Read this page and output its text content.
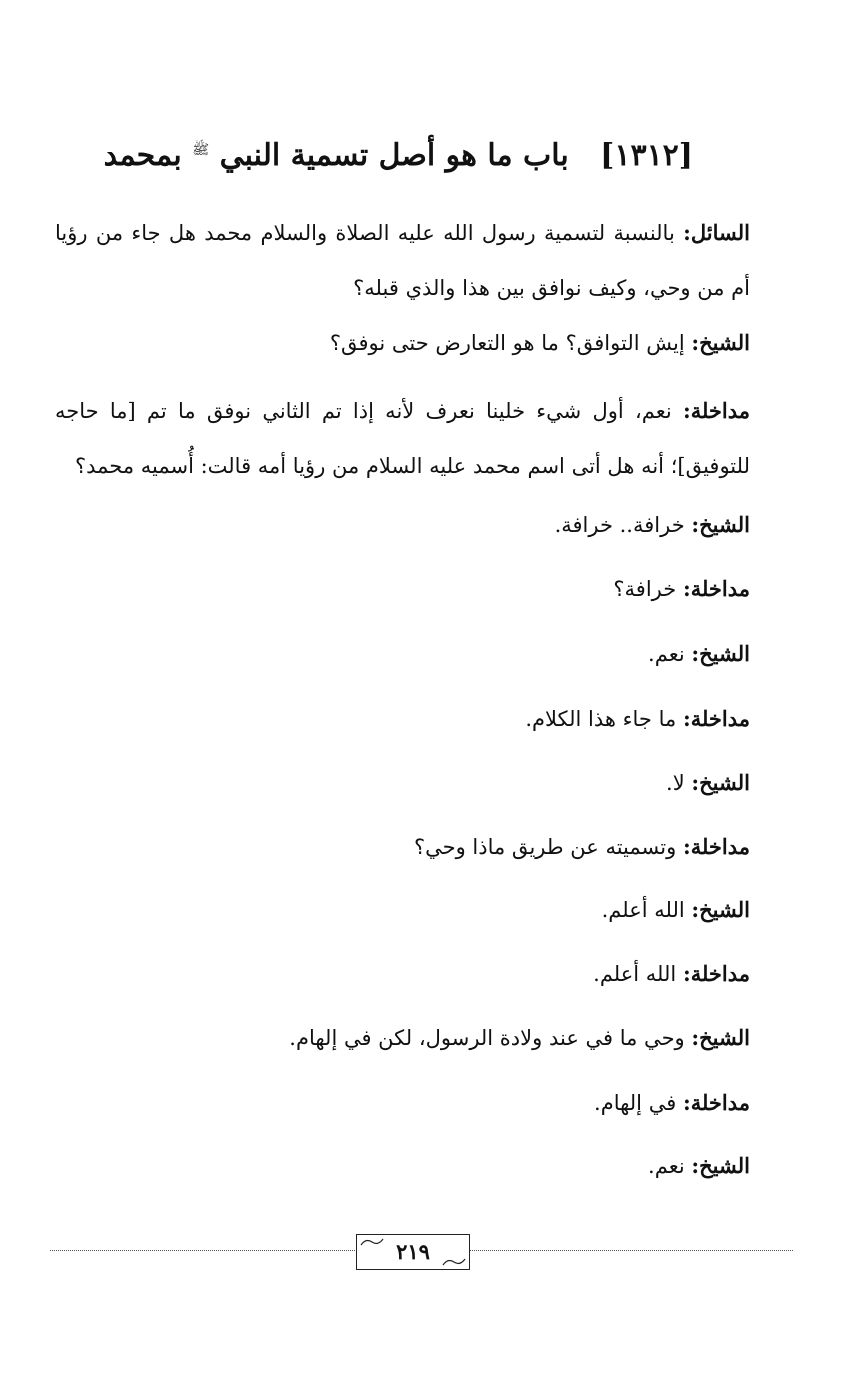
[١٣١٢]   باب ما هو أصل تسمية النبي $^ﷺ$ بمحمد
السائل: بالنسبة لتسمية رسول الله عليه الصلاة والسلام محمد هل جاء من رؤيا أم من وحي، وكيف نوافق بين هذا والذي قبله؟
الشيخ: إيش التوافق؟ ما هو التعارض حتى نوفق؟
مداخلة: نعم، أول شيء خلينا نعرف لأنه إذا تم الثاني نوفق ما تم [ما حاجه للتوفيق]؛ أنه هل أتى اسم محمد عليه السلام من رؤيا أمه قالت: أُسميه محمد؟
الشيخ: خرافة.. خرافة.
مداخلة: خرافة؟
الشيخ: نعم.
مداخلة: ما جاء هذا الكلام.
الشيخ: لا.
مداخلة: وتسميته عن طريق ماذا وحي؟
الشيخ: الله أعلم.
مداخلة: الله أعلم.
الشيخ: وحي ما في عند ولادة الرسول، لكن في إلهام.
مداخلة: في إلهام.
الشيخ: نعم.
٢١٩
